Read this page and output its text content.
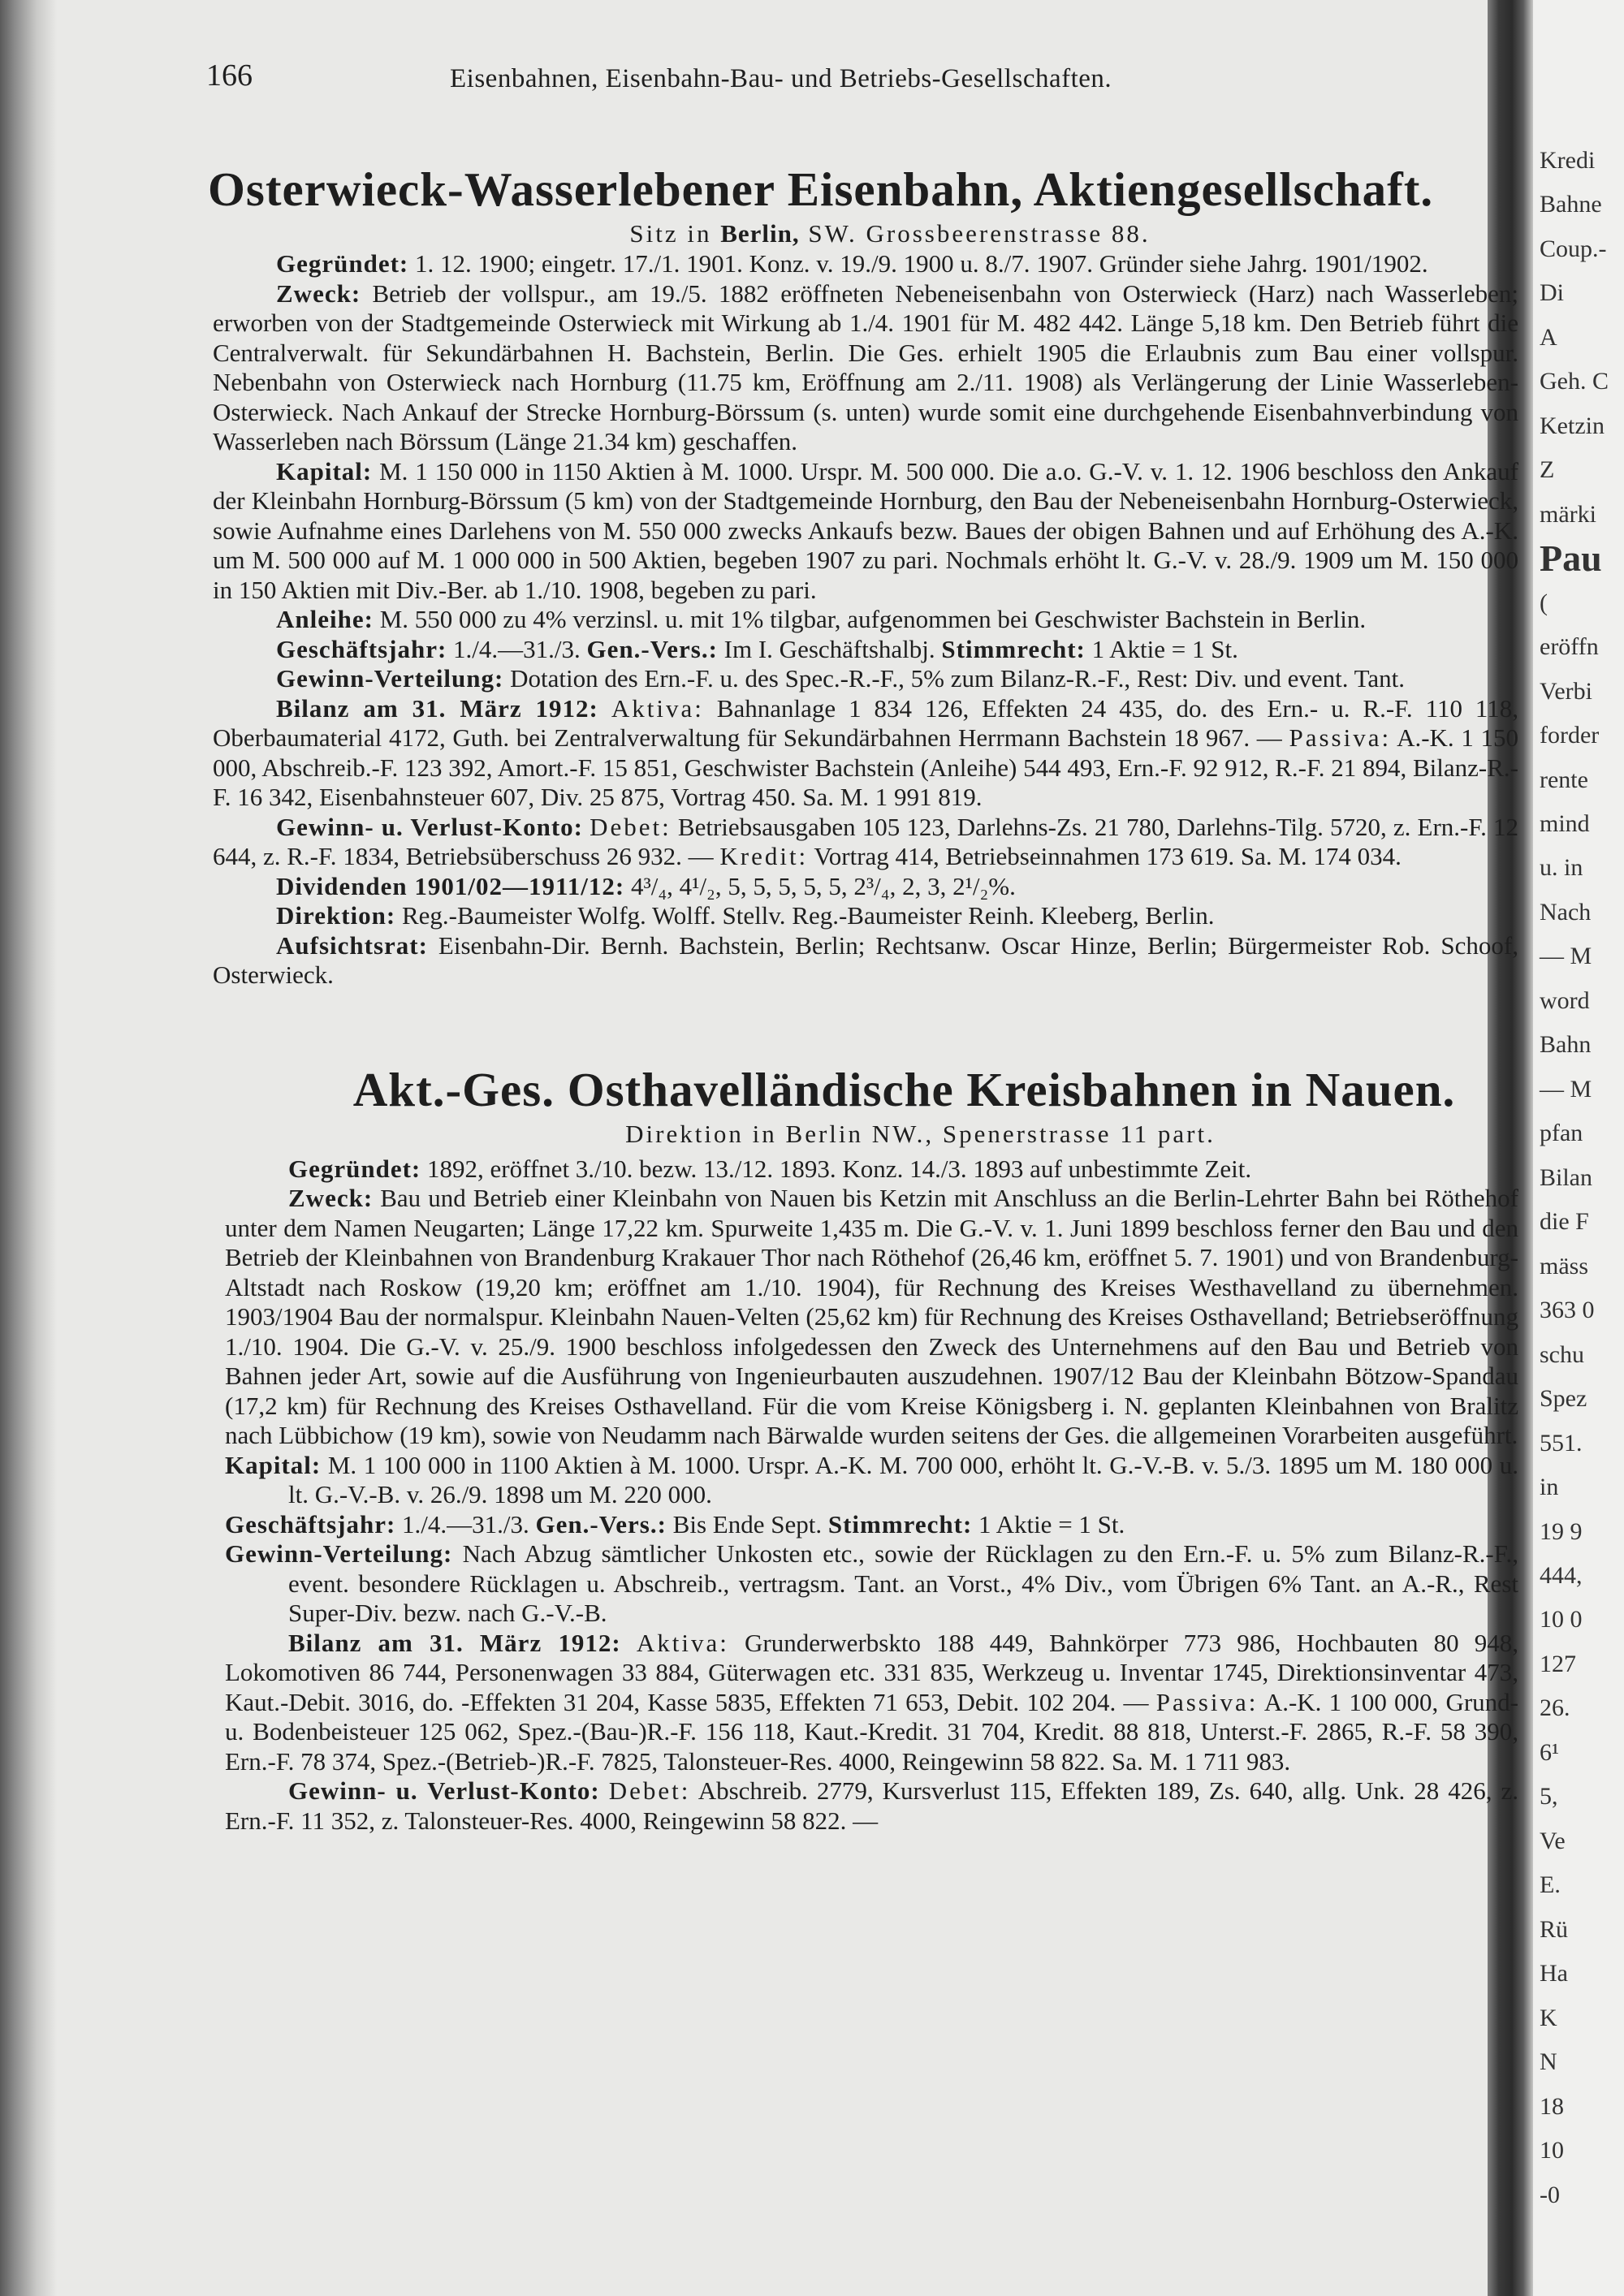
Kredi
Bahne
Coup.-
Di
A
Geh. C
Ketzin
Z
märki
Pau
(
eröffn
Verbi
forder
rente
mind
u. in
Nach
— M
word
Bahn
— M
pfan
Bilan
die F
mäss
363 0
schu
Spez
551.
in
19 9
444,
10 0
127
26.
6¹
5,
Ve
E.
Rü
Ha
K
N
18
10
-0
166	Eisenbahnen, Eisenbahn-Bau- und Betriebs-Gesellschaften.
Osterwieck-Wasserlebener Eisenbahn, Aktiengesellschaft.
Sitz in Berlin, SW. Grossbeerenstrasse 88.

Gegründet: 1. 12. 1900; eingetr. 17./1. 1901. Konz. v. 19./9. 1900 u. 8./7. 1907. Gründer siehe Jahrg. 1901/1902.

Zweck: Betrieb der vollspur., am 19./5. 1882 eröffneten Nebeneisenbahn von Osterwieck (Harz) nach Wasserleben; erworben von der Stadtgemeinde Osterwieck mit Wirkung ab 1./4. 1901 für M. 482 442. Länge 5,18 km. Den Betrieb führt die Centralverwalt. für Sekundärbahnen H. Bachstein, Berlin. Die Ges. erhielt 1905 die Erlaubnis zum Bau einer vollspur. Nebenbahn von Osterwieck nach Hornburg (11.75 km, Eröffnung am 2./11. 1908) als Verlängerung der Linie Wasserleben-Osterwieck. Nach Ankauf der Strecke Hornburg-Börssum (s. unten) wurde somit eine durchgehende Eisenbahnverbindung von Wasserleben nach Börssum (Länge 21.34 km) geschaffen.

Kapital: M. 1 150 000 in 1150 Aktien à M. 1000. Urspr. M. 500 000. Die a.o. G.-V. v. 1. 12. 1906 beschloss den Ankauf der Kleinbahn Hornburg-Börssum (5 km) von der Stadtgemeinde Hornburg, den Bau der Nebeneisenbahn Hornburg-Osterwieck, sowie Aufnahme eines Darlehens von M. 550 000 zwecks Ankaufs bezw. Baues der obigen Bahnen und auf Erhöhung des A.-K. um M. 500 000 auf M. 1 000 000 in 500 Aktien, begeben 1907 zu pari. Nochmals erhöht lt. G.-V. v. 28./9. 1909 um M. 150 000 in 150 Aktien mit Div.-Ber. ab 1./10. 1908, begeben zu pari.

Anleihe: M. 550 000 zu 4% verzinsl. u. mit 1% tilgbar, aufgenommen bei Geschwister Bachstein in Berlin.

Geschäftsjahr: 1./4.—31./3. Gen.-Vers.: Im I. Geschäftshalbj. Stimmrecht: 1 Aktie = 1 St.

Gewinn-Verteilung: Dotation des Ern.-F. u. des Spec.-R.-F., 5% zum Bilanz-R.-F., Rest: Div. und event. Tant.

Bilanz am 31. März 1912: Aktiva: Bahnanlage 1 834 126, Effekten 24 435, do. des Ern.- u. R.-F. 110 118, Oberbaumaterial 4172, Guth. bei Zentralverwaltung für Sekundärbahnen Herrmann Bachstein 18 967. — Passiva: A.-K. 1 150 000, Abschreib.-F. 123 392, Amort.-F. 15 851, Geschwister Bachstein (Anleihe) 544 493, Ern.-F. 92 912, R.-F. 21 894, Bilanz-R.-F. 16 342, Eisenbahnsteuer 607, Div. 25 875, Vortrag 450. Sa. M. 1 991 819.

Gewinn- u. Verlust-Konto: Debet: Betriebsausgaben 105 123, Darlehns-Zs. 21 780, Darlehns-Tilg. 5720, z. Ern.-F. 12 644, z. R.-F. 1834, Betriebsüberschuss 26 932. — Kredit: Vortrag 414, Betriebseinnahmen 173 619. Sa. M. 174 034.

Dividenden 1901/02—1911/12: 4³/₄, 4¹/₂, 5, 5, 5, 5, 5, 2³/₄, 2, 3, 2¹/₂%.

Direktion: Reg.-Baumeister Wolfg. Wolff. Stellv. Reg.-Baumeister Reinh. Kleeberg, Berlin.

Aufsichtsrat: Eisenbahn-Dir. Bernh. Bachstein, Berlin; Rechtsanw. Oscar Hinze, Berlin; Bürgermeister Rob. Schoof, Osterwieck.

Akt.-Ges. Osthavelländische Kreisbahnen in Nauen.
Direktion in Berlin NW., Spenerstrasse 11 part.

Gegründet: 1892, eröffnet 3./10. bezw. 13./12. 1893. Konz. 14./3. 1893 auf unbestimmte Zeit.

Zweck: Bau und Betrieb einer Kleinbahn von Nauen bis Ketzin mit Anschluss an die Berlin-Lehrter Bahn bei Röthehof unter dem Namen Neugarten; Länge 17,22 km. Spurweite 1,435 m. Die G.-V. v. 1. Juni 1899 beschloss ferner den Bau und den Betrieb der Kleinbahnen von Brandenburg Krakauer Thor nach Röthehof (26,46 km, eröffnet 5. 7. 1901) und von Brandenburg-Altstadt nach Roskow (19,20 km; eröffnet am 1./10. 1904), für Rechnung des Kreises Westhavelland zu übernehmen. 1903/1904 Bau der normalspur. Kleinbahn Nauen-Velten (25,62 km) für Rechnung des Kreises Osthavelland; Betriebseröffnung 1./10. 1904. Die G.-V. v. 25./9. 1900 beschloss infolgedessen den Zweck des Unternehmens auf den Bau und Betrieb von Bahnen jeder Art, sowie auf die Ausführung von Ingenieurbauten auszudehnen. 1907/12 Bau der Kleinbahn Bötzow-Spandau (17,2 km) für Rechnung des Kreises Osthavelland. Für die vom Kreise Königsberg i. N. geplanten Kleinbahnen von Bralitz nach Lübbichow (19 km), sowie von Neudamm nach Bärwalde wurden seitens der Ges. die allgemeinen Vorarbeiten ausgeführt.

Kapital: M. 1 100 000 in 1100 Aktien à M. 1000. Urspr. A.-K. M. 700 000, erhöht lt. G.-V.-B. v. 5./3. 1895 um M. 180 000 u. lt. G.-V.-B. v. 26./9. 1898 um M. 220 000.

Geschäftsjahr: 1./4.—31./3. Gen.-Vers.: Bis Ende Sept. Stimmrecht: 1 Aktie = 1 St.

Gewinn-Verteilung: Nach Abzug sämtlicher Unkosten etc., sowie der Rücklagen zu den Ern.-F. u. 5% zum Bilanz-R.-F., event. besondere Rücklagen u. Abschreib., vertragsm. Tant. an Vorst., 4% Div., vom Übrigen 6% Tant. an A.-R., Rest Super-Div. bezw. nach G.-V.-B.

Bilanz am 31. März 1912: Aktiva: Grunderwerbskto 188 449, Bahnkörper 773 986, Hochbauten 80 948, Lokomotiven 86 744, Personenwagen 33 884, Güterwagen etc. 331 835, Werkzeug u. Inventar 1745, Direktionsinventar 473, Kaut.-Debit. 3016, do. -Effekten 31 204, Kasse 5835, Effekten 71 653, Debit. 102 204. — Passiva: A.-K. 1 100 000, Grund- u. Bodenbeisteuer 125 062, Spez.-(Bau-)R.-F. 156 118, Kaut.-Kredit. 31 704, Kredit. 88 818, Unterst.-F. 2865, R.-F. 58 390, Ern.-F. 78 374, Spez.-(Betrieb-)R.-F. 7825, Talonsteuer-Res. 4000, Reingewinn 58 822. Sa. M. 1 711 983.

Gewinn- u. Verlust-Konto: Debet: Abschreib. 2779, Kursverlust 115, Effekten 189, Zs. 640, allg. Unk. 28 426, z. Ern.-F. 11 352, z. Talonsteuer-Res. 4000, Reingewinn 58 822. —
